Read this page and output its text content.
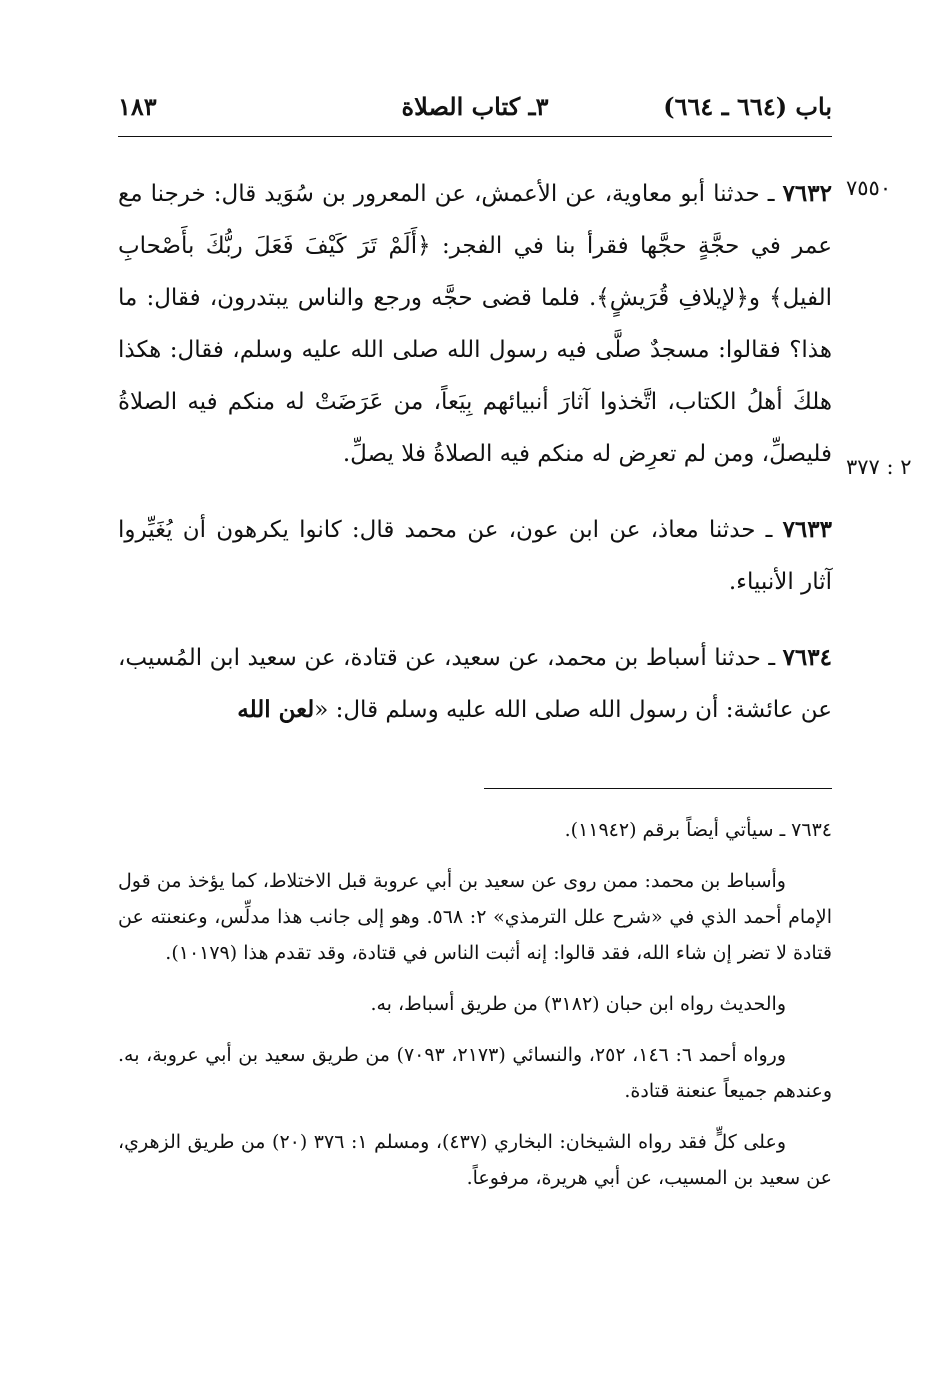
باب (٦٦٤ ـ ٦٦٤)
٣ـ كتاب الصلاة
١٨٣
٧٥٥٠
٢ : ٣٧٧

٧٦٣٢ ـ حدثنا أبو معاوية، عن الأعمش، عن المعرور بن سُوَيد قال: خرجنا مع عمر في حجَّةٍ حجَّها فقرأ بنا في الفجر: ﴿أَلَمْ تَرَ كَيْفَ فَعَلَ ربُّكَ بأَصْحابِ الفيل﴾ و﴿لإيلافِ قُرَيشٍ﴾. فلما قضى حجَّه ورجع والناس يبتدرون، فقال: ما هذا؟ فقالوا: مسجدٌ صلَّى فيه رسول الله صلى الله عليه وسلم، فقال: هكذا هلكَ أهلُ الكتاب، اتَّخذوا آثارَ أنبيائهم بِيَعاً، من عَرَضَتْ له منكم فيه الصلاةُ فليصلِّ، ومن لم تعرِض له منكم فيه الصلاةُ فلا يصلِّ.

٧٦٣٣ ـ حدثنا معاذ، عن ابن عون، عن محمد قال: كانوا يكرهون أن يُغَيِّروا آثار الأنبياء.

٧٦٣٤ ـ حدثنا أسباط بن محمد، عن سعيد، عن قتادة، عن سعيد ابن المُسيب، عن عائشة: أن رسول الله صلى الله عليه وسلم قال: «لعن الله

٧٦٣٤ ـ سيأتي أيضاً برقم (١١٩٤٢).

وأسباط بن محمد: ممن روى عن سعيد بن أبي عروبة قبل الاختلاط، كما يؤخذ من قول الإمام أحمد الذي في «شرح علل الترمذي» ٢: ٥٦٨. وهو إلى جانب هذا مدلِّس، وعنعنته عن قتادة لا تضر إن شاء الله، فقد قالوا: إنه أثبت الناس في قتادة، وقد تقدم هذا (١٠١٧٩).

والحديث رواه ابن حبان (٣١٨٢) من طريق أسباط، به.

ورواه أحمد ٦: ١٤٦، ٢٥٢، والنسائي (٢١٧٣، ٧٠٩٣) من طريق سعيد بن أبي عروبة، به. وعندهم جميعاً عنعنة قتادة.

وعلى كلٍّ فقد رواه الشيخان: البخاري (٤٣٧)، ومسلم ١: ٣٧٦ (٢٠) من طريق الزهري، عن سعيد بن المسيب، عن أبي هريرة، مرفوعاً.
